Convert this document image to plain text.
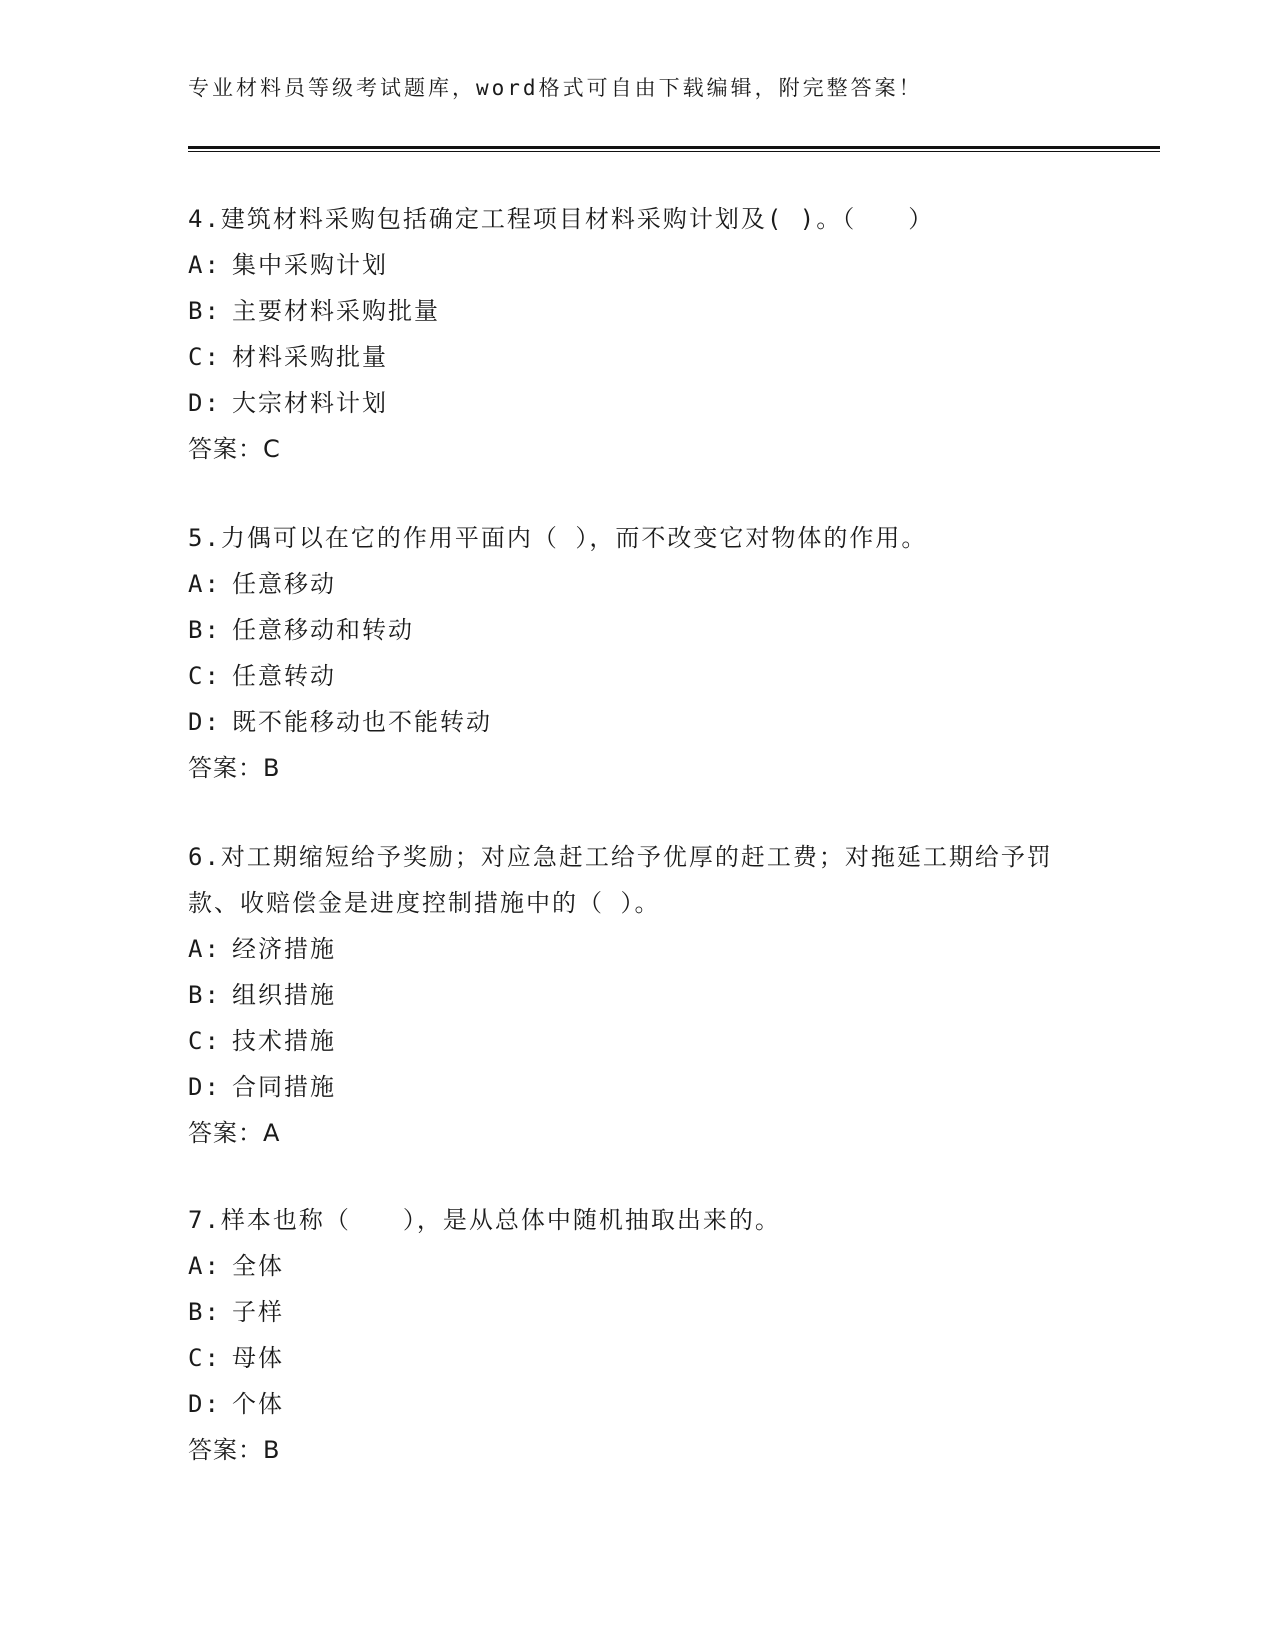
专业材料员等级考试题库，word格式可自由下载编辑，附完整答案！

4.建筑材料采购包括确定工程项目材料采购计划及( )。（　　）

A: 集中采购计划

B: 主要材料采购批量

C: 材料采购批量

D: 大宗材料计划

答案：C

5.力偶可以在它的作用平面内（ ），而不改变它对物体的作用。

A: 任意移动

B: 任意移动和转动

C: 任意转动

D: 既不能移动也不能转动

答案：B

6.对工期缩短给予奖励；对应急赶工给予优厚的赶工费；对拖延工期给予罚款、收赔偿金是进度控制措施中的（ ）。

A: 经济措施

B: 组织措施

C: 技术措施

D: 合同措施

答案：A

7.样本也称（　　），是从总体中随机抽取出来的。

A: 全体

B: 子样

C: 母体

D: 个体

答案：B
